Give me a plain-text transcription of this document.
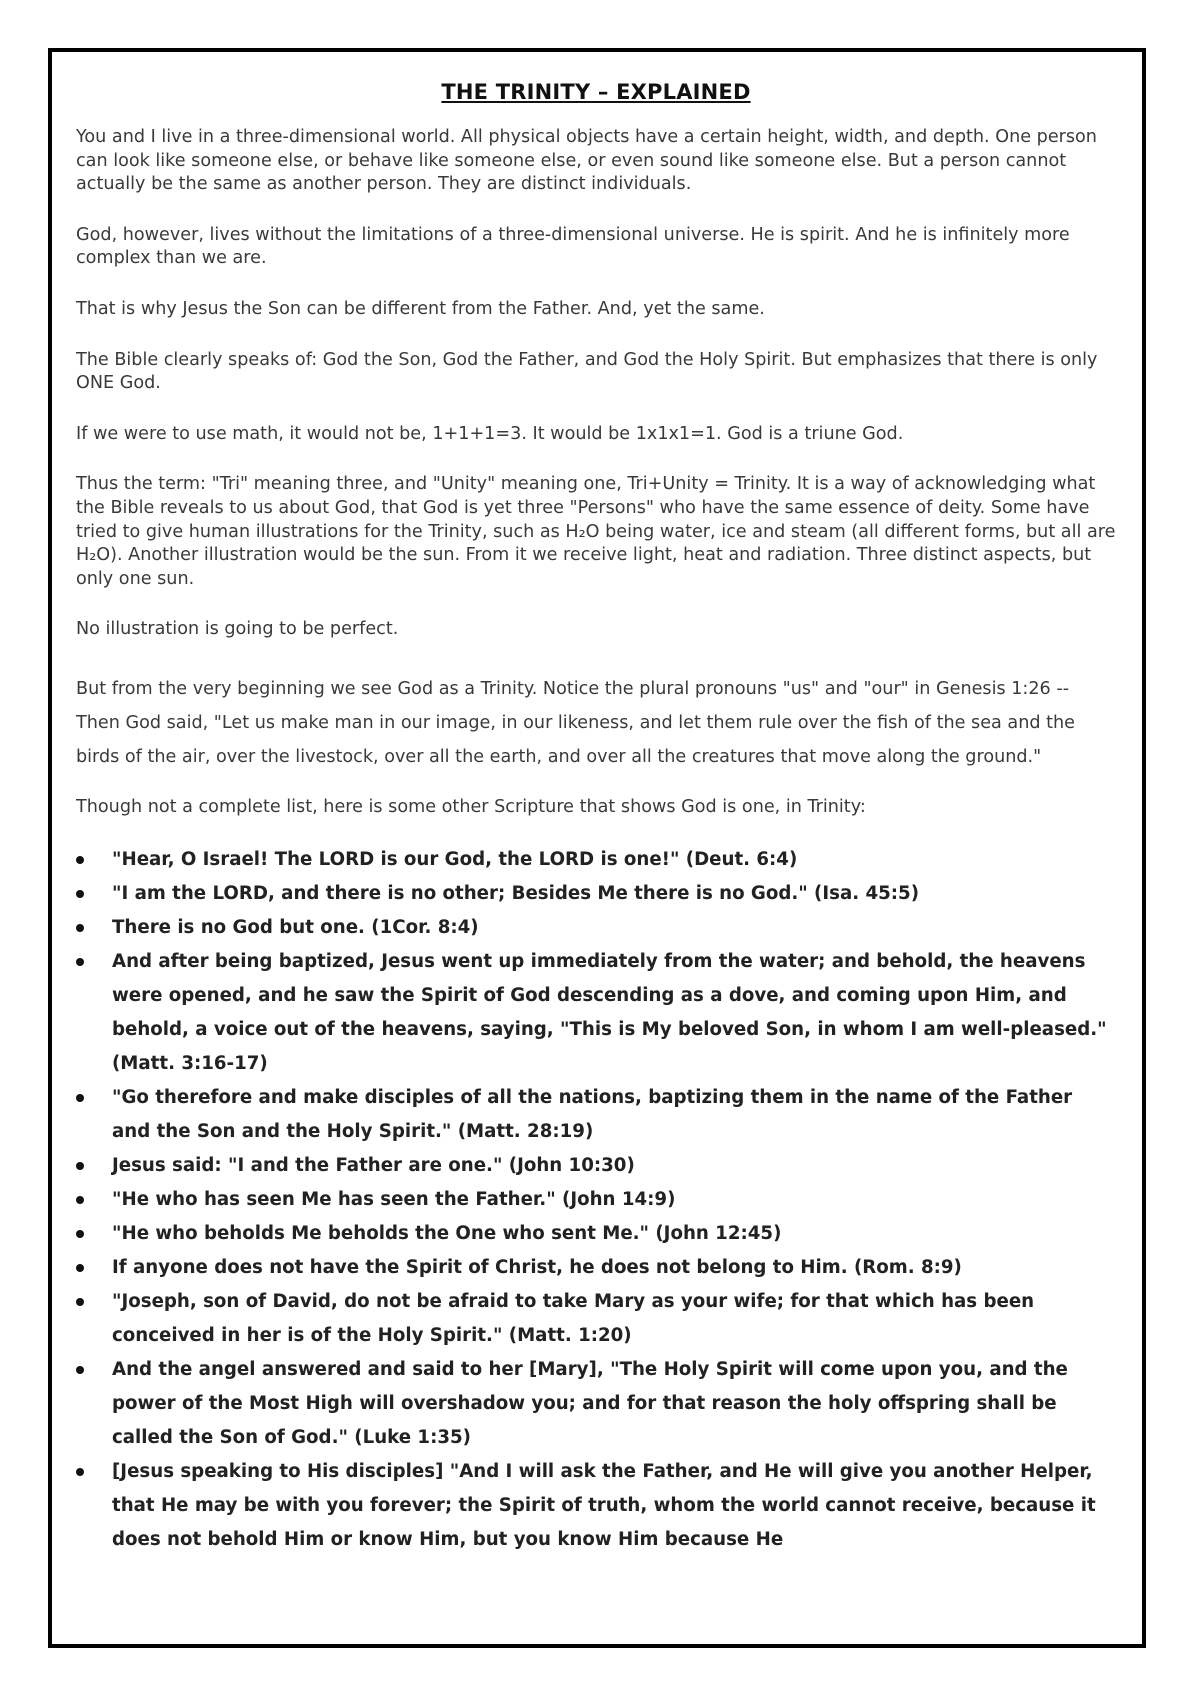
THE TRINITY – EXPLAINED

You and I live in a three-dimensional world. All physical objects have a certain height, width, and depth. One person can look like someone else, or behave like someone else, or even sound like someone else. But a person cannot actually be the same as another person. They are distinct individuals.

God, however, lives without the limitations of a three-dimensional universe. He is spirit. And he is infinitely more complex than we are.

That is why Jesus the Son can be different from the Father. And, yet the same.

The Bible clearly speaks of: God the Son, God the Father, and God the Holy Spirit. But emphasizes that there is only ONE God.

If we were to use math, it would not be, 1+1+1=3. It would be 1x1x1=1. God is a triune God.

Thus the term: "Tri" meaning three, and "Unity" meaning one, Tri+Unity = Trinity. It is a way of acknowledging what the Bible reveals to us about God, that God is yet three "Persons" who have the same essence of deity. Some have tried to give human illustrations for the Trinity, such as H₂O being water, ice and steam (all different forms, but all are H₂O). Another illustration would be the sun. From it we receive light, heat and radiation. Three distinct aspects, but only one sun.

No illustration is going to be perfect.

But from the very beginning we see God as a Trinity. Notice the plural pronouns "us" and "our" in Genesis 1:26 -- Then God said, "Let us make man in our image, in our likeness, and let them rule over the fish of the sea and the birds of the air, over the livestock, over all the earth, and over all the creatures that move along the ground."

Though not a complete list, here is some other Scripture that shows God is one, in Trinity:

"Hear, O Israel! The LORD is our God, the LORD is one!" (Deut. 6:4)
"I am the LORD, and there is no other; Besides Me there is no God." (Isa. 45:5)
There is no God but one. (1Cor. 8:4)
And after being baptized, Jesus went up immediately from the water; and behold, the heavens were opened, and he saw the Spirit of God descending as a dove, and coming upon Him, and behold, a voice out of the heavens, saying, "This is My beloved Son, in whom I am well-pleased." (Matt. 3:16-17)
"Go therefore and make disciples of all the nations, baptizing them in the name of the Father and the Son and the Holy Spirit." (Matt. 28:19)
Jesus said: "I and the Father are one." (John 10:30)
"He who has seen Me has seen the Father." (John 14:9)
"He who beholds Me beholds the One who sent Me." (John 12:45)
If anyone does not have the Spirit of Christ, he does not belong to Him. (Rom. 8:9)
"Joseph, son of David, do not be afraid to take Mary as your wife; for that which has been conceived in her is of the Holy Spirit." (Matt. 1:20)
And the angel answered and said to her [Mary], "The Holy Spirit will come upon you, and the power of the Most High will overshadow you; and for that reason the holy offspring shall be called the Son of God." (Luke 1:35)
[Jesus speaking to His disciples] "And I will ask the Father, and He will give you another Helper, that He may be with you forever; the Spirit of truth, whom the world cannot receive, because it does not behold Him or know Him, but you know Him because He
